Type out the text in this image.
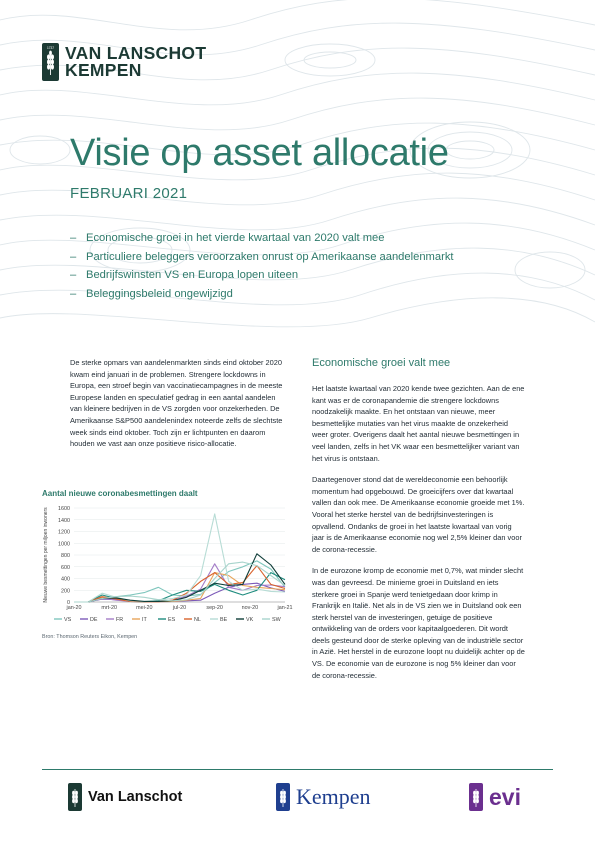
1737 VAN LANSCHOT
KEMPEN
Visie op asset allocatie
FEBRUARI 2021
– Economische groei in het vierde kwartaal van 2020 valt mee
– Particuliere beleggers veroorzaken onrust op Amerikaanse aandelenmarkt
– Bedrijfswinsten VS en Europa lopen uiteen
– Beleggingsbeleid ongewijzigd

De sterke opmars van aandelenmarkten sinds eind oktober 2020 kwam eind januari in de problemen. Strengere lockdowns in Europa, een stroef begin van vaccinatiecampagnes in de meeste Europese landen en speculatief gedrag in een aantal aandelen van kleinere bedrijven in de VS zorgden voor onzekerheden. De Amerikaanse S&P500 aandelenindex noteerde zelfs de slechtste week sinds eind oktober. Toch zijn er lichtpunten en daarom houden we vast aan onze positieve risico-allocatie.

Aantal nieuwe coronabesmettingen daalt
0
200
400
600
800
1000
1200
1400
1600
Nieuwe besmettingen per miljoen inwoners
jan-20	mrt-20	mei-20	jul-20	sep-20	nov-20	jan-21
VS	DE	FR	IT	ES	NL	BE	VK	SW
Bron: Thomson Reuters Eikon, Kempen
Economische groei valt mee

Het laatste kwartaal van 2020 kende twee gezichten. Aan de ene kant was er de coronapandemie die strengere lockdowns noodzakelijk maakte. En het ontstaan van nieuwe, meer besmettelijke mutaties van het virus maakte de onzekerheid weer groter. Overigens daalt het aantal nieuwe besmettingen in veel landen, zelfs in het VK waar een besmettelijker variant van het virus is ontstaan.

Daartegenover stond dat de wereldeconomie een behoorlijk momentum had opgebouwd. De groeicijfers over dat kwartaal vallen dan ook mee. De Amerikaanse economie groeide met 1%. Vooral het sterke herstel van de bedrijfsinvesteringen is opvallend. Ondanks de groei in het laatste kwartaal van vorig jaar is de Amerikaanse economie nog wel 2,5% kleiner dan voor de corona-recessie.

In de eurozone kromp de economie met 0,7%, wat minder slecht was dan gevreesd. De minieme groei in Duitsland en iets sterkere groei in Spanje werd tenietgedaan door krimp in Frankrijk en Italië. Net als in de VS zien we in Duitsland ook een sterk herstel van de investeringen, getuige de positieve ontwikkeling van de orders voor kapitaalgoederen. Dit wordt deels gesteund door de sterke opleving van de industriële sector in Azië. Het herstel in de eurozone loopt nu duidelijk achter op de VS. De economie van de eurozone is nog 5% kleiner dan voor de corona-recessie.

Van Lanschot	Kempen	evi
